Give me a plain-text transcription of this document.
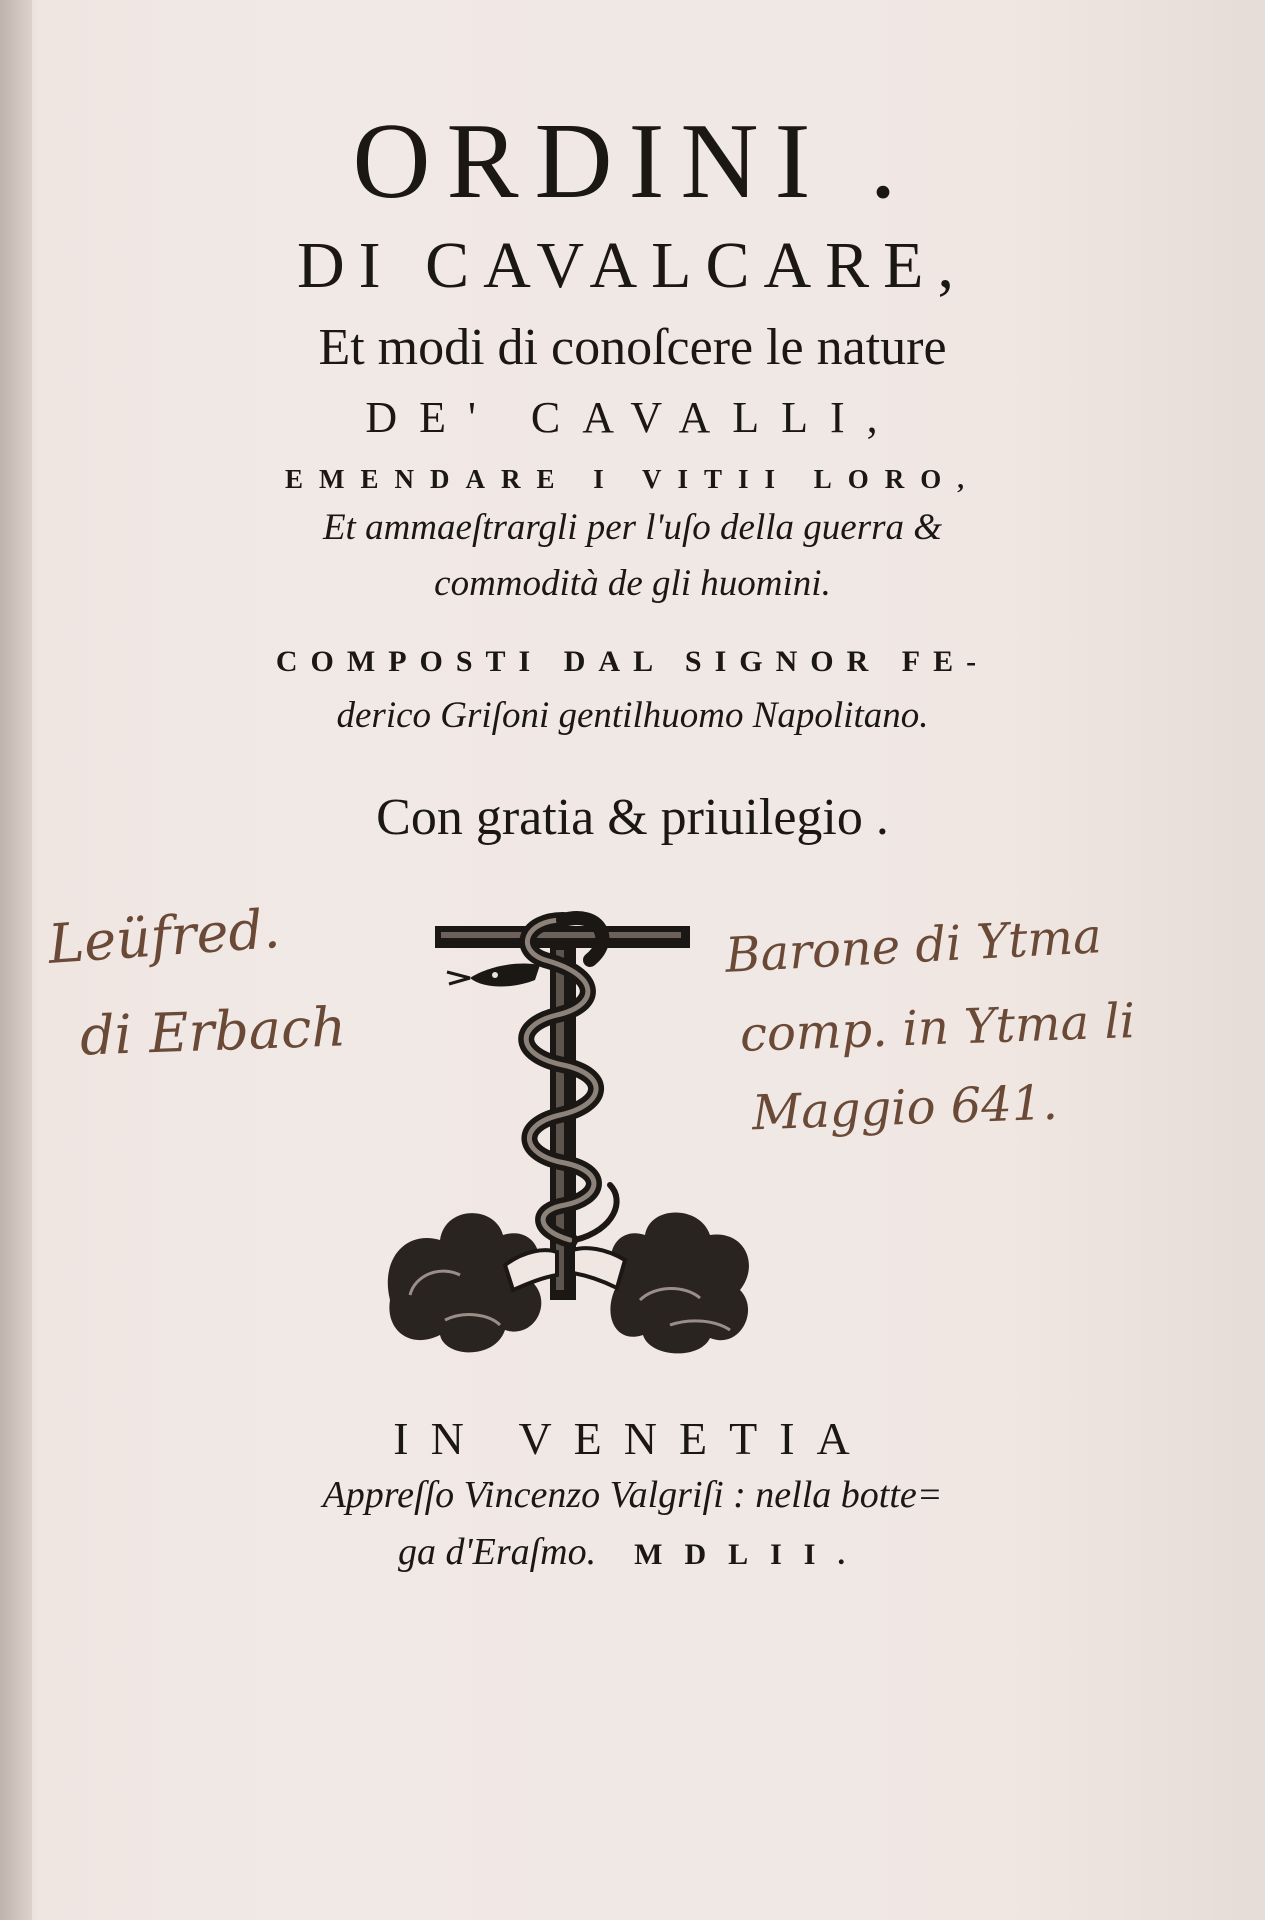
ORDINI .
DI CAVALCARE,
Et modi di conoſcere le nature
DE' CAVALLI,
EMENDARE I VITII LORO,
Et ammaeſtrargli per l'uſo della guerra &
commodità de gli huomini.
COMPOSTI DAL SIGNOR FE-
derico Griſoni gentilhuomo Napolitano.
Con gratia & priuilegio .
Leüfred.
di Erbach
Barone di Ytma
comp. in Ytma li
Maggio 641.
IN VENETIA
Appreſſo Vincenzo Valgriſi : nella botte=
ga d'Eraſmo. MDLII.
